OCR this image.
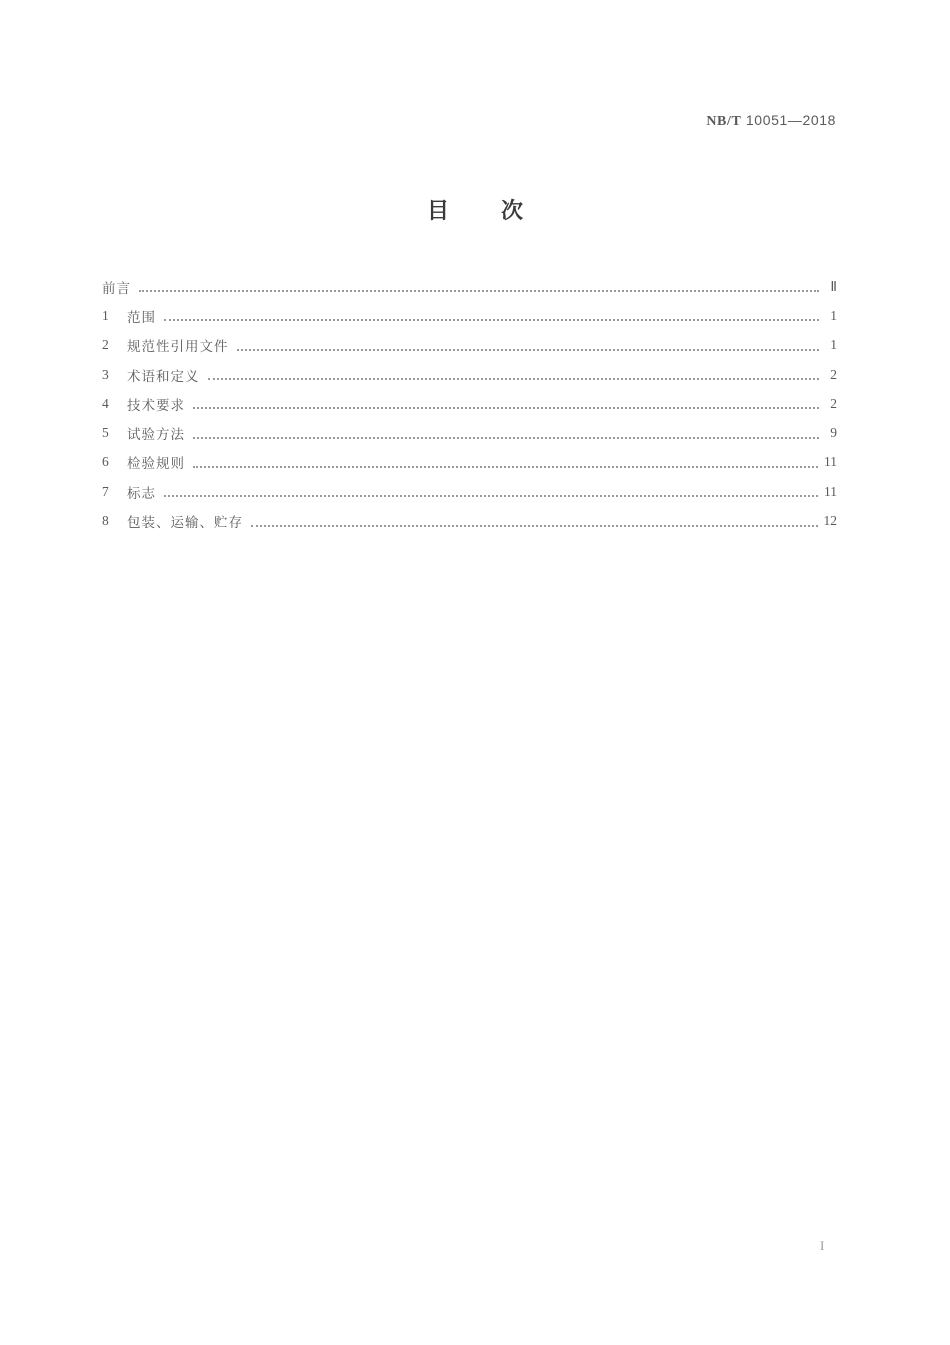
NB/T 10051—2018
目次
前言	Ⅱ
1	范围	1
2	规范性引用文件	1
3	术语和定义	2
4	技术要求	2
5	试验方法	9
6	检验规则	11
7	标志	11
8	包装、运输、贮存	12
I
